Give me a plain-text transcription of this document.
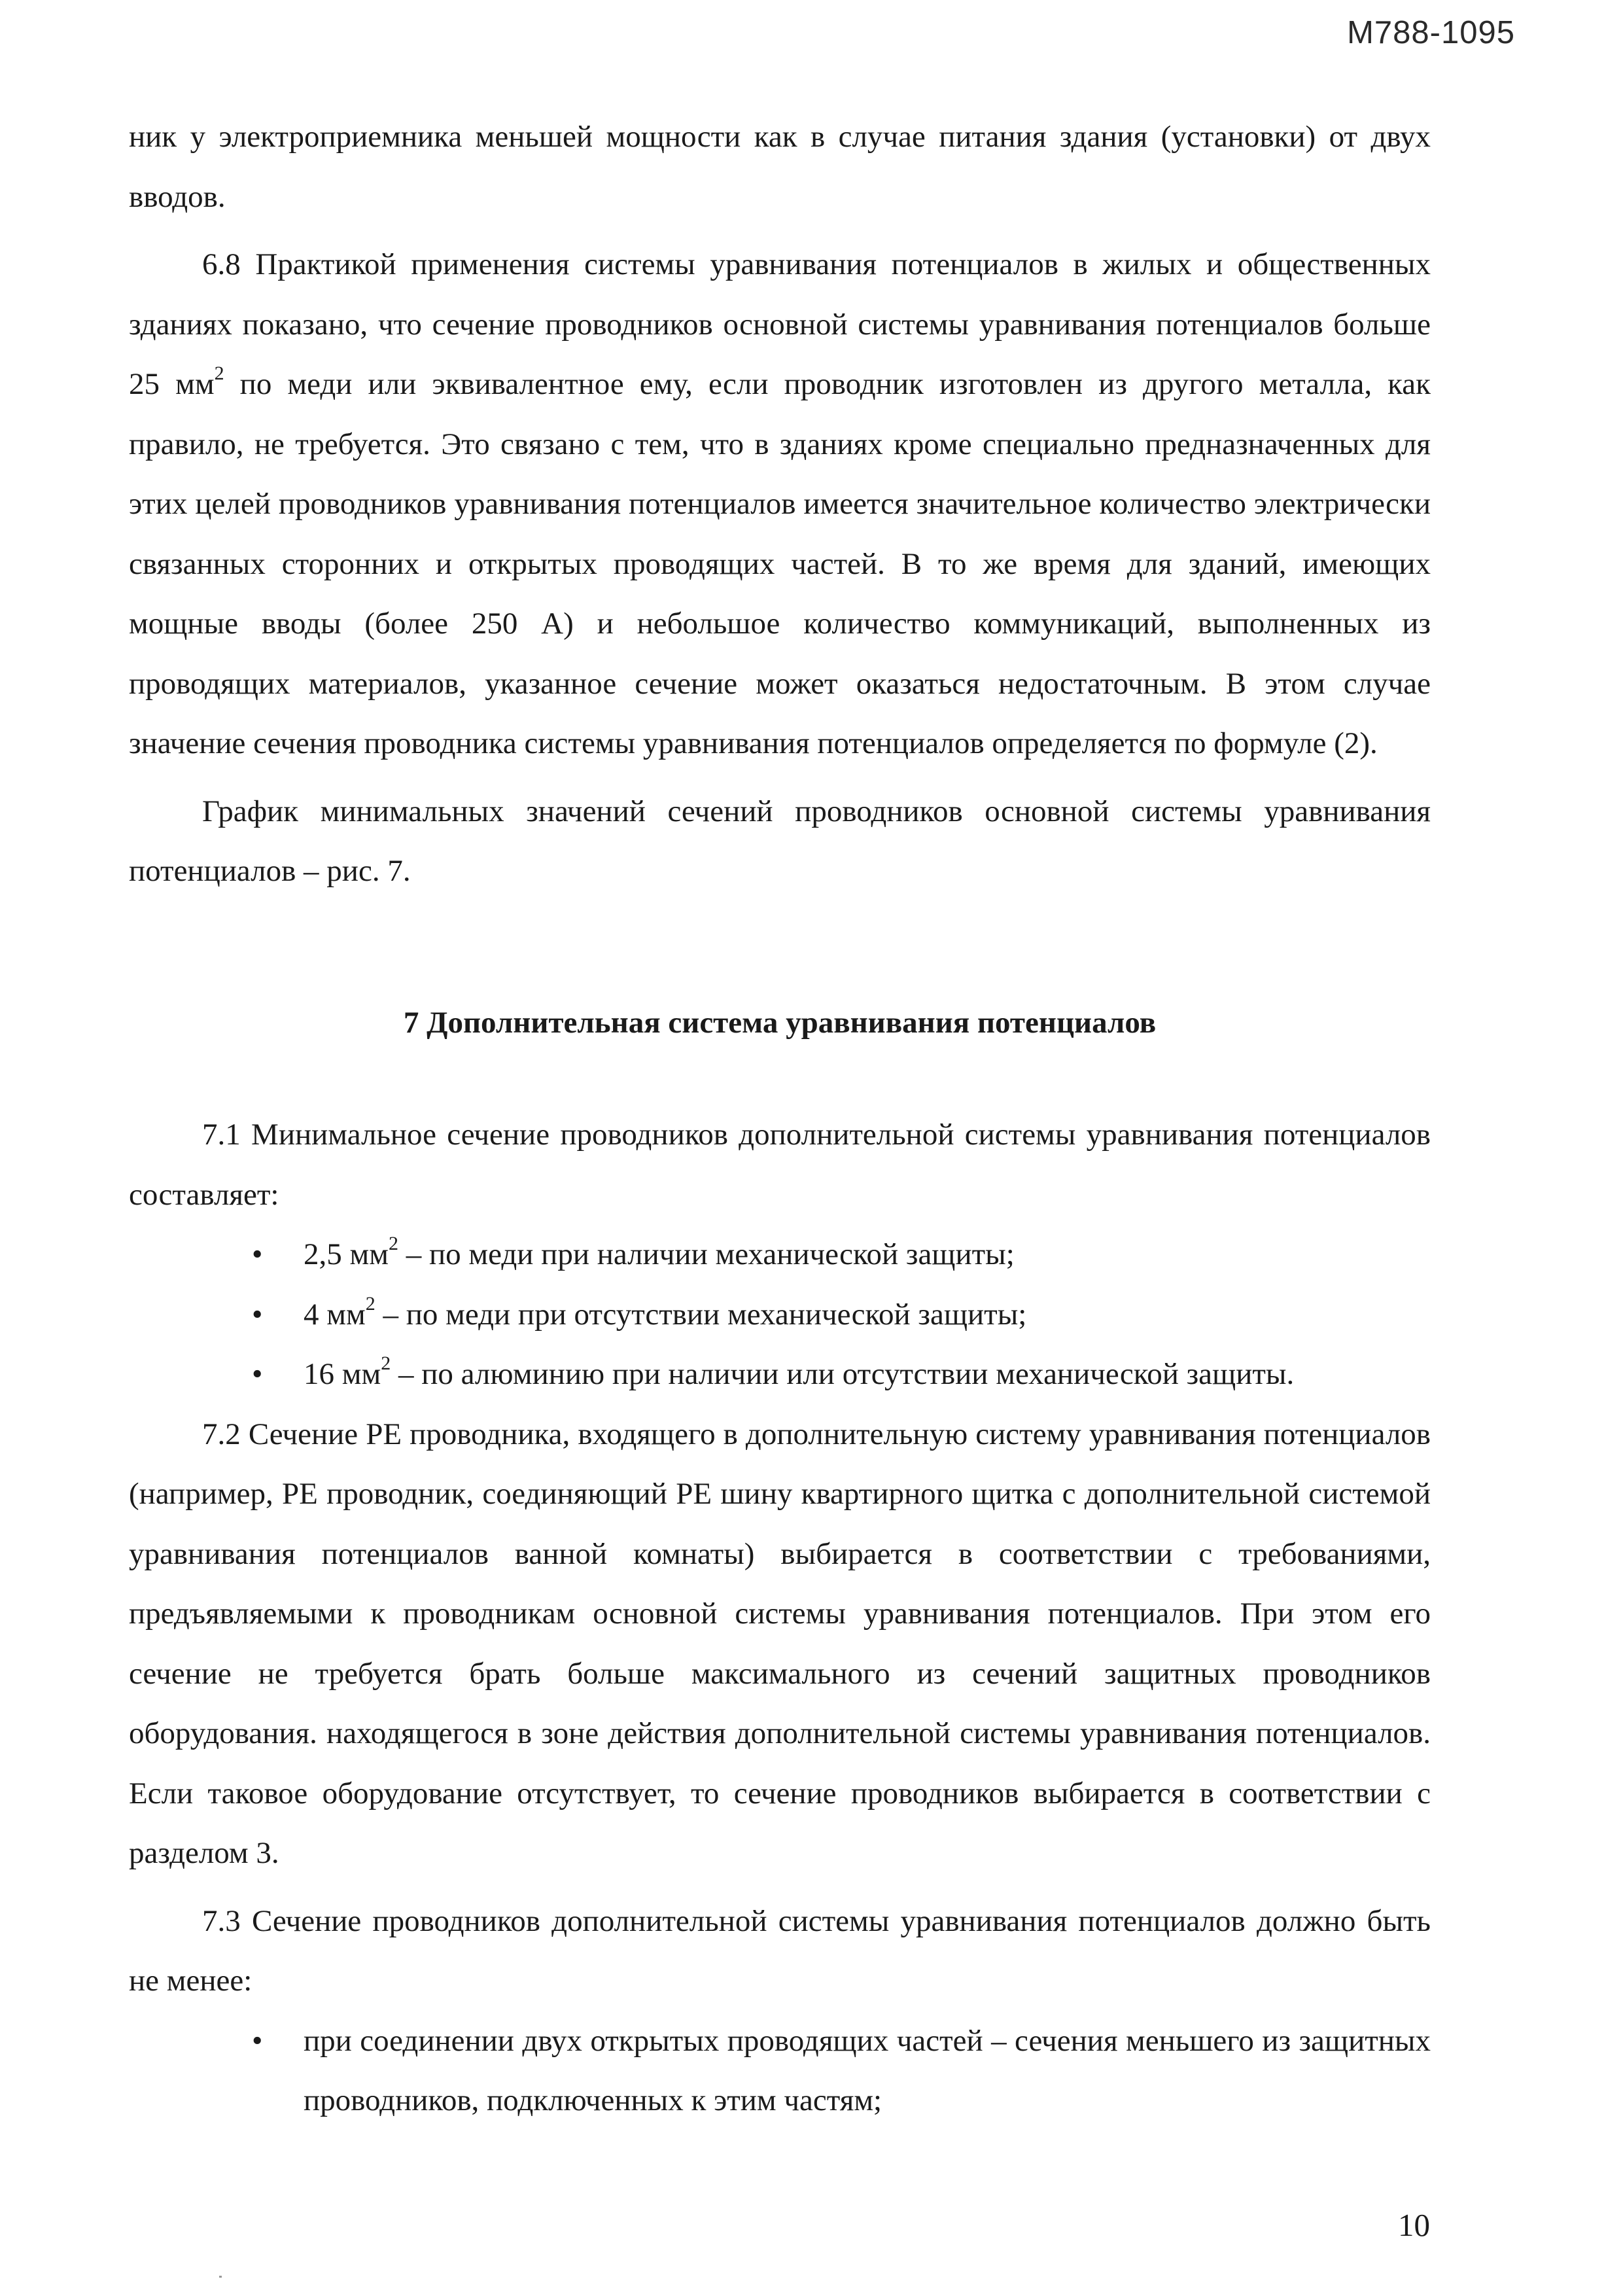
M788-1095

ник у электроприемника меньшей мощности как в случае питания здания (установки) от двух вводов.

6.8 Практикой применения системы уравнивания потенциалов в жилых и общественных зданиях показано, что сечение проводников основной системы уравнивания потенциалов больше 25 $мм^2$ по меди или эквивалентное ему, если проводник изготовлен из другого металла, как правило, не требуется. Это связано с тем, что в зданиях кроме специально предназначенных для этих целей проводников уравнивания потенциалов имеется значительное количество электрически связанных сторонних и открытых проводящих частей. В то же время для зданий, имеющих мощные вводы (более 250 А) и небольшое количество коммуникаций, выполненных из проводящих материалов, указанное сечение может оказаться недостаточным. В этом случае значение сечения проводника системы уравнивания потенциалов определяется по формуле (2).

График минимальных значений сечений проводников основной системы уравнивания потенциалов – рис. 7.

7 Дополнительная система уравнивания потенциалов

7.1 Минимальное сечение проводников дополнительной системы уравнивания потенциалов составляет:

• 2,5 $мм^2$ – по меди при наличии механической защиты;
• 4 $мм^2$ – по меди при отсутствии механической защиты;
• 16 $мм^2$ – по алюминию при наличии или отсутствии механической защиты.

7.2 Сечение РЕ проводника, входящего в дополнительную систему уравнивания потенциалов (например, РЕ проводник, соединяющий РЕ шину квартирного щитка с дополнительной системой уравнивания потенциалов ванной комнаты) выбирается в соответствии с требованиями, предъявляемыми к проводникам основной системы уравнивания потенциалов. При этом его сечение не требуется брать больше максимального из сечений защитных проводников оборудования. находящегося в зоне действия дополнительной системы уравнивания потенциалов. Если таковое оборудование отсутствует, то сечение проводников выбирается в соответствии с разделом 3.

7.3 Сечение проводников дополнительной системы уравнивания потенциалов должно быть не менее:

• при соединении двух открытых проводящих частей – сечения меньшего из защитных проводников, подключенных к этим частям;
10
